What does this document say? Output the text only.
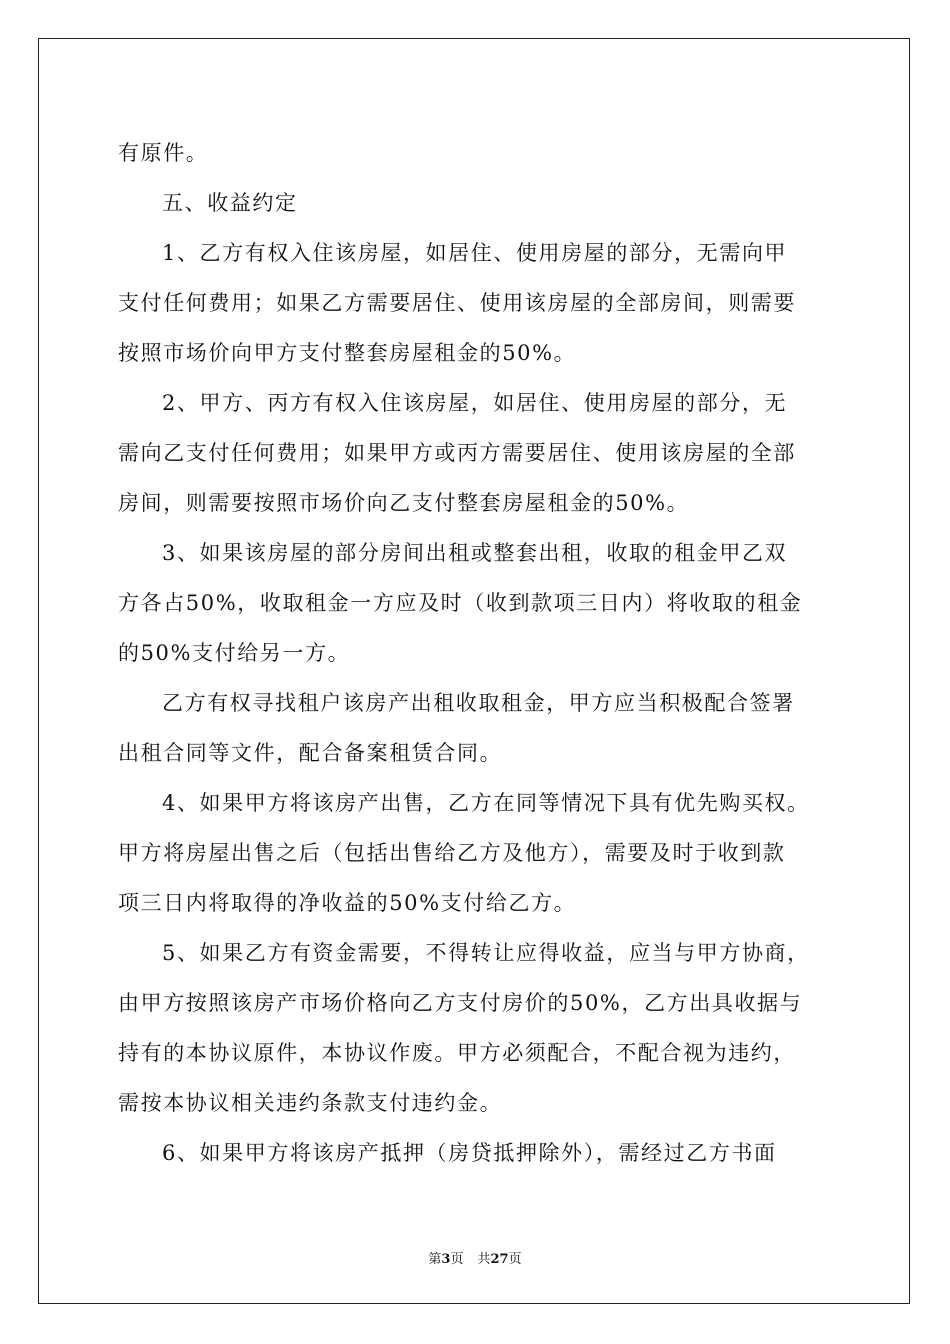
有原件。
五、收益约定
1、乙方有权入住该房屋，如居住、使用房屋的部分，无需向甲
支付任何费用；如果乙方需要居住、使用该房屋的全部房间，则需要
按照市场价向甲方支付整套房屋租金的50%。
2、甲方、丙方有权入住该房屋，如居住、使用房屋的部分，无
需向乙支付任何费用；如果甲方或丙方需要居住、使用该房屋的全部
房间，则需要按照市场价向乙支付整套房屋租金的50%。
3、如果该房屋的部分房间出租或整套出租，收取的租金甲乙双
方各占50%，收取租金一方应及时（收到款项三日内）将收取的租金
的50%支付给另一方。
乙方有权寻找租户该房产出租收取租金，甲方应当积极配合签署
出租合同等文件，配合备案租赁合同。
4、如果甲方将该房产出售，乙方在同等情况下具有优先购买权。
甲方将房屋出售之后（包括出售给乙方及他方），需要及时于收到款
项三日内将取得的净收益的50%支付给乙方。
5、如果乙方有资金需要，不得转让应得收益，应当与甲方协商，
由甲方按照该房产市场价格向乙方支付房价的50%，乙方出具收据与
持有的本协议原件，本协议作废。甲方必须配合，不配合视为违约，
需按本协议相关违约条款支付违约金。
6、如果甲方将该房产抵押（房贷抵押除外），需经过乙方书面
第3页 共27页
